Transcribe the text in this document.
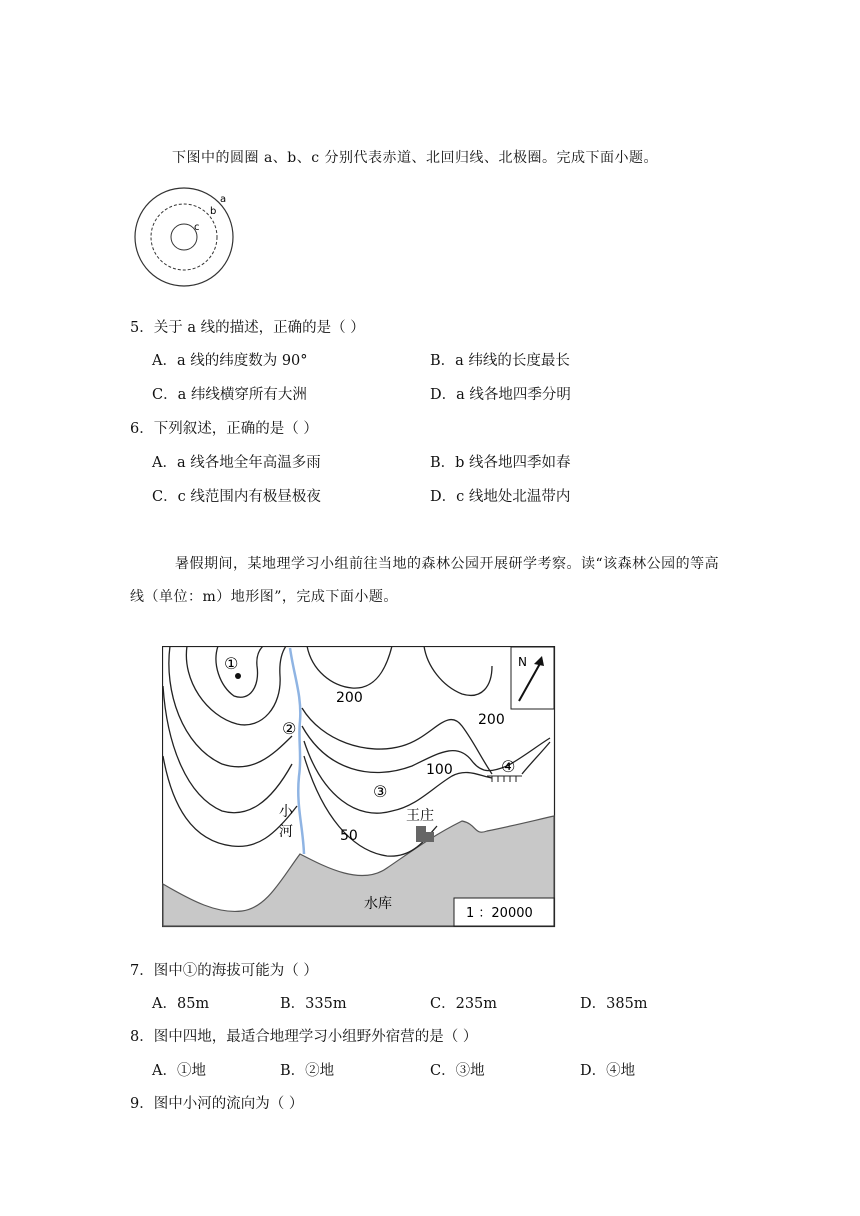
下图中的圆圈 a、b、c 分别代表赤道、北回归线、北极圈。完成下面小题。
a
b
c
5．关于 a 线的描述，正确的是（ ）
A．a 线的纬度数为 90°	B．a 纬线的长度最长
C．a 纬线横穿所有大洲	D．a 线各地四季分明
6．下列叙述，正确的是（ ）
A．a 线各地全年高温多雨	B．b 线各地四季如春
C．c 线范围内有极昼极夜	D．c 线地处北温带内
暑假期间，某地理学习小组前往当地的森林公园开展研学考察。读“该森林公园的等高
线（单位：m）地形图”，完成下面小题。
N
1 ：20000
200
200
100
50
①
②
③
④
小
河
王庄
水库
7．图中①的海拔可能为（ ）
A．85m	B．335m	C．235m	D．385m
8．图中四地，最适合地理学习小组野外宿营的是（ ）
A．①地	B．②地	C．③地	D．④地
9．图中小河的流向为（ ）
